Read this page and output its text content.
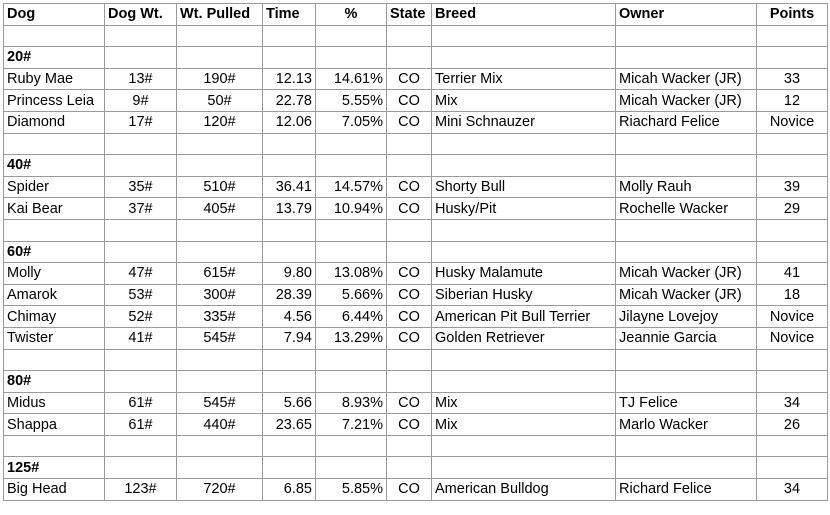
Dog	Dog Wt.	Wt. Pulled	Time	%	State	Breed	Owner	Points

20#								
Ruby Mae	13#	190#	12.13	14.61%	CO	Terrier Mix	Micah Wacker (JR)	33
Princess Leia	9#	50#	22.78	5.55%	CO	Mix	Micah Wacker (JR)	12
Diamond	17#	120#	12.06	7.05%	CO	Mini Schnauzer	Riachard Felice	Novice

40#								
Spider	35#	510#	36.41	14.57%	CO	Shorty Bull	Molly Rauh	39
Kai Bear	37#	405#	13.79	10.94%	CO	Husky/Pit	Rochelle Wacker	29

60#								
Molly	47#	615#	9.80	13.08%	CO	Husky Malamute	Micah Wacker (JR)	41
Amarok	53#	300#	28.39	5.66%	CO	Siberian Husky	Micah Wacker (JR)	18
Chimay	52#	335#	4.56	6.44%	CO	American Pit Bull Terrier	Jilayne Lovejoy	Novice
Twister	41#	545#	7.94	13.29%	CO	Golden Retriever	Jeannie Garcia	Novice

80#								
Midus	61#	545#	5.66	8.93%	CO	Mix	TJ Felice	34
Shappa	61#	440#	23.65	7.21%	CO	Mix	Marlo Wacker	26

125#								
Big Head	123#	720#	6.85	5.85%	CO	American Bulldog	Richard Felice	34
